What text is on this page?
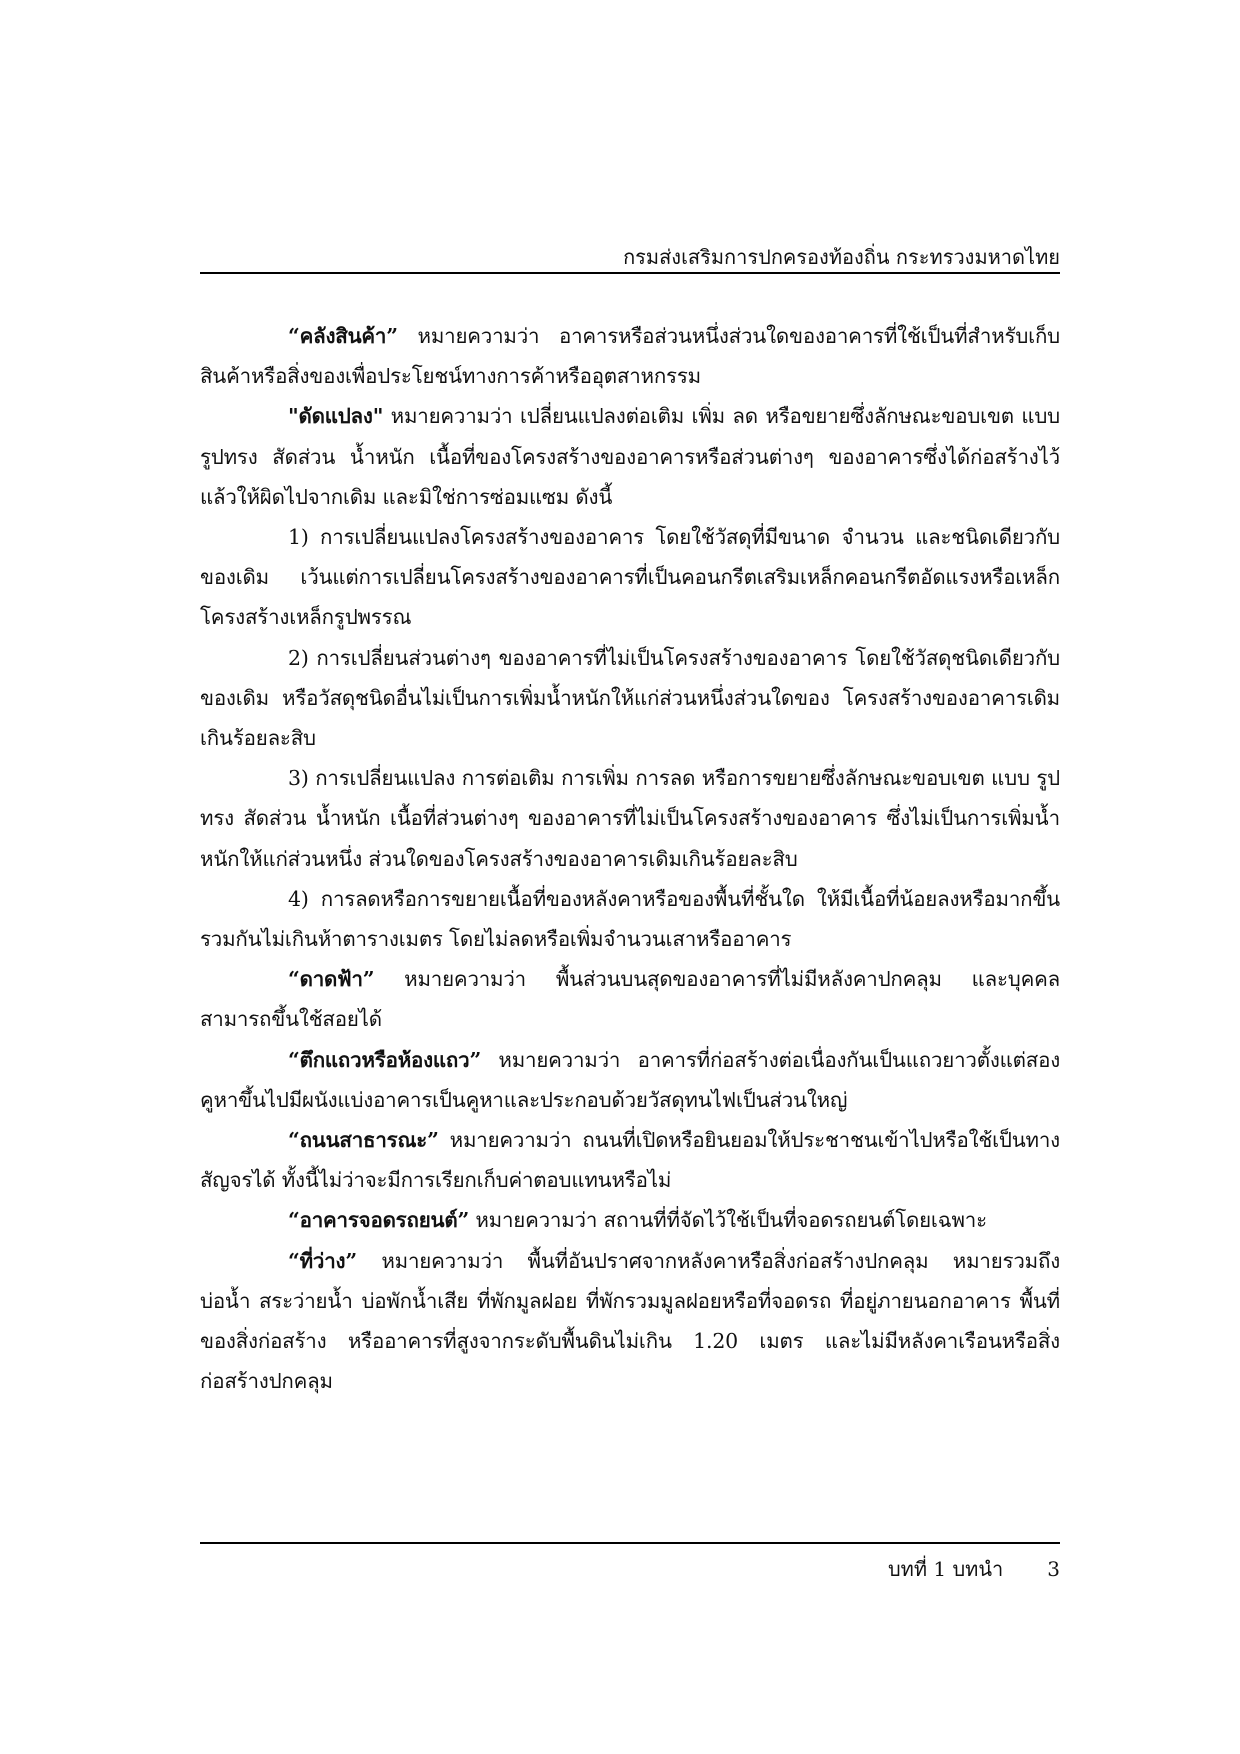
กรมส่งเสริมการปกครองท้องถิ่น กระทรวงมหาดไทย

“คลังสินค้า” หมายความว่า อาคารหรือส่วนหนึ่งส่วนใดของอาคารที่ใช้เป็นที่สำหรับเก็บสินค้าหรือสิ่งของเพื่อประโยชน์ทางการค้าหรืออุตสาหกรรม

"ดัดแปลง" หมายความว่า เปลี่ยนแปลงต่อเติม เพิ่ม ลด หรือขยายซึ่งลักษณะขอบเขต แบบ รูปทรง สัดส่วน น้ำหนัก เนื้อที่ของโครงสร้างของอาคารหรือส่วนต่างๆ ของอาคารซึ่งได้ก่อสร้างไว้แล้วให้ผิดไปจากเดิม และมิใช่การซ่อมแซม ดังนี้

1) การเปลี่ยนแปลงโครงสร้างของอาคาร โดยใช้วัสดุที่มีขนาด จำนวน และชนิดเดียวกับของเดิม เว้นแต่การเปลี่ยนโครงสร้างของอาคารที่เป็นคอนกรีตเสริมเหล็กคอนกรีตอัดแรงหรือเหล็ก โครงสร้างเหล็กรูปพรรณ

2) การเปลี่ยนส่วนต่างๆ ของอาคารที่ไม่เป็นโครงสร้างของอาคาร โดยใช้วัสดุชนิดเดียวกับของเดิม หรือวัสดุชนิดอื่นไม่เป็นการเพิ่มน้ำหนักให้แก่ส่วนหนึ่งส่วนใดของ โครงสร้างของอาคารเดิม เกินร้อยละสิบ

3) การเปลี่ยนแปลง การต่อเติม การเพิ่ม การลด หรือการขยายซึ่งลักษณะขอบเขต แบบ รูปทรง สัดส่วน น้ำหนัก เนื้อที่ส่วนต่างๆ ของอาคารที่ไม่เป็นโครงสร้างของอาคาร ซึ่งไม่เป็นการเพิ่มน้ำหนักให้แก่ส่วนหนึ่ง ส่วนใดของโครงสร้างของอาคารเดิมเกินร้อยละสิบ

4) การลดหรือการขยายเนื้อที่ของหลังคาหรือของพื้นที่ชั้นใด ให้มีเนื้อที่น้อยลงหรือมากขึ้นรวมกันไม่เกินห้าตารางเมตร โดยไม่ลดหรือเพิ่มจำนวนเสาหรืออาคาร

“ดาดฟ้า” หมายความว่า พื้นส่วนบนสุดของอาคารที่ไม่มีหลังคาปกคลุม และบุคคลสามารถขึ้นใช้สอยได้

“ตึกแถวหรือห้องแถว” หมายความว่า อาคารที่ก่อสร้างต่อเนื่องกันเป็นแถวยาวตั้งแต่สองคูหาขึ้นไปมีผนังแบ่งอาคารเป็นคูหาและประกอบด้วยวัสดุทนไฟเป็นส่วนใหญ่

“ถนนสาธารณะ” หมายความว่า ถนนที่เปิดหรือยินยอมให้ประชาชนเข้าไปหรือใช้เป็นทางสัญจรได้ ทั้งนี้ไม่ว่าจะมีการเรียกเก็บค่าตอบแทนหรือไม่

“อาคารจอดรถยนต์” หมายความว่า สถานที่ที่จัดไว้ใช้เป็นที่จอดรถยนต์โดยเฉพาะ

“ที่ว่าง” หมายความว่า พื้นที่อันปราศจากหลังคาหรือสิ่งก่อสร้างปกคลุม หมายรวมถึง บ่อน้ำ สระว่ายน้ำ บ่อพักน้ำเสีย ที่พักมูลฝอย ที่พักรวมมูลฝอยหรือที่จอดรถ ที่อยู่ภายนอกอาคาร พื้นที่ของสิ่งก่อสร้าง หรืออาคารที่สูงจากระดับพื้นดินไม่เกิน 1.20 เมตร และไม่มีหลังคาเรือนหรือสิ่งก่อสร้างปกคลุม

บทที่ 1 บทนำ 3
